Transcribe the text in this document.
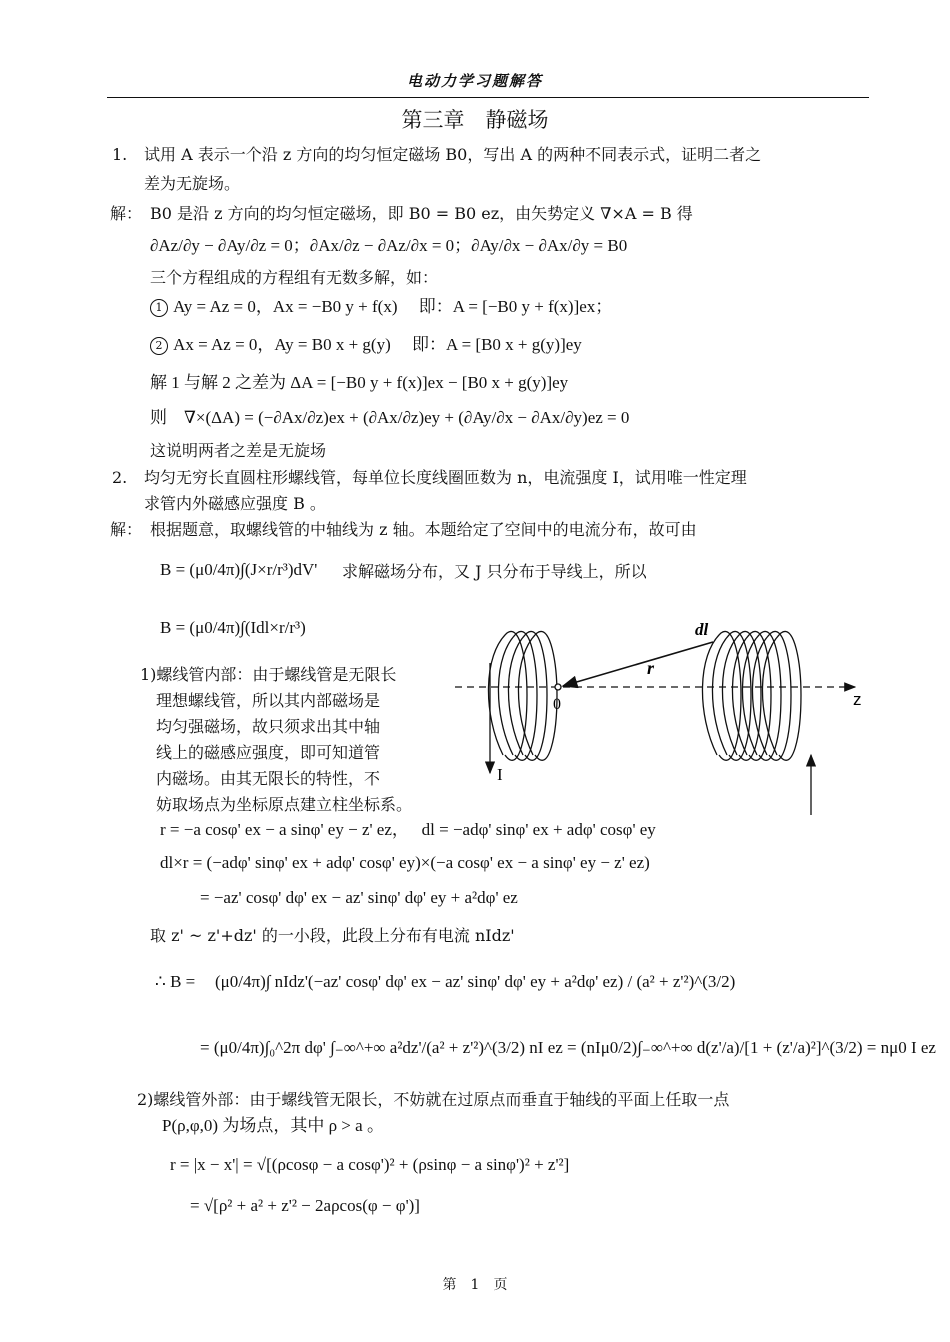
电动力学习题解答
第三章　静磁场
1. 试用 A 表示一个沿 z 方向的均匀恒定磁场 B0，写出 A 的两种不同表示式，证明二者之
差为无旋场。
解： B0 是沿 z 方向的均匀恒定磁场，即 B0 = B0 ez，由矢势定义 ∇×A = B 得
∂Az/∂y − ∂Ay/∂z = 0；∂Ax/∂z − ∂Az/∂x = 0；∂Ay/∂x − ∂Ax/∂y = B0
三个方程组成的方程组有无数多解，如：
1 Ay = Az = 0，Ax = −B0 y + f(x)　 即：A = [−B0 y + f(x)]ex；
2 Ax = Az = 0，Ay = B0 x + g(y)　 即：A = [B0 x + g(y)]ey
解 1 与解 2 之差为 ΔA = [−B0 y + f(x)]ex − [B0 x + g(y)]ey
则　∇×(ΔA) = (−∂Ax/∂z)ex + (∂Ax/∂z)ey + (∂Ay/∂x − ∂Ax/∂y)ez = 0
这说明两者之差是无旋场
2. 均匀无穷长直圆柱形螺线管，每单位长度线圈匝数为 n，电流强度 I，试用唯一性定理
求管内外磁感应强度 B 。
解： 根据题意，取螺线管的中轴线为 z 轴。本题给定了空间中的电流分布，故可由
B = (μ0/4π)∫(J×r/r³)dV' 求解磁场分布，又 J 只分布于导线上，所以
B = (μ0/4π)∫(Idl×r/r³)
1)螺线管内部：由于螺线管是无限长
理想螺线管，所以其内部磁场是
均匀强磁场，故只须求出其中轴
线上的磁感应强度，即可知道管
内磁场。由其无限长的特性，不
妨取场点为坐标原点建立柱坐标系。
dl
r
0	z
I
r = −a cosφ' ex − a sinφ' ey − z' ez，　 dl = −adφ' sinφ' ex + adφ' cosφ' ey
dl×r = (−adφ' sinφ' ex + adφ' cosφ' ey)×(−a cosφ' ex − a sinφ' ey − z' ez)
= −az' cosφ' dφ' ex − az' sinφ' dφ' ey + a²dφ' ez
取 z' ~ z'+dz' 的一小段，此段上分布有电流 nIdz'
∴ B = (μ0/4π)∫ nIdz'(−az' cosφ' dφ' ex − az' sinφ' dφ' ey + a²dφ' ez) / (a² + z'²)^(3/2)
= (μ0/4π)∫₀^2π dφ' ∫₋∞^+∞ a²dz'/(a² + z'²)^(3/2) nI ez = (nIμ0/2)∫₋∞^+∞ d(z'/a)/[1 + (z'/a)²]^(3/2) = nμ0 I ez
2)螺线管外部：由于螺线管无限长，不妨就在过原点而垂直于轴线的平面上任取一点
P(ρ,φ,0) 为场点，其中 ρ > a 。
r = |x − x'| = √[(ρcosφ − a cosφ')² + (ρsinφ − a sinφ')² + z'²]
= √[ρ² + a² + z'² − 2aρcos(φ − φ')]
第　1　页
